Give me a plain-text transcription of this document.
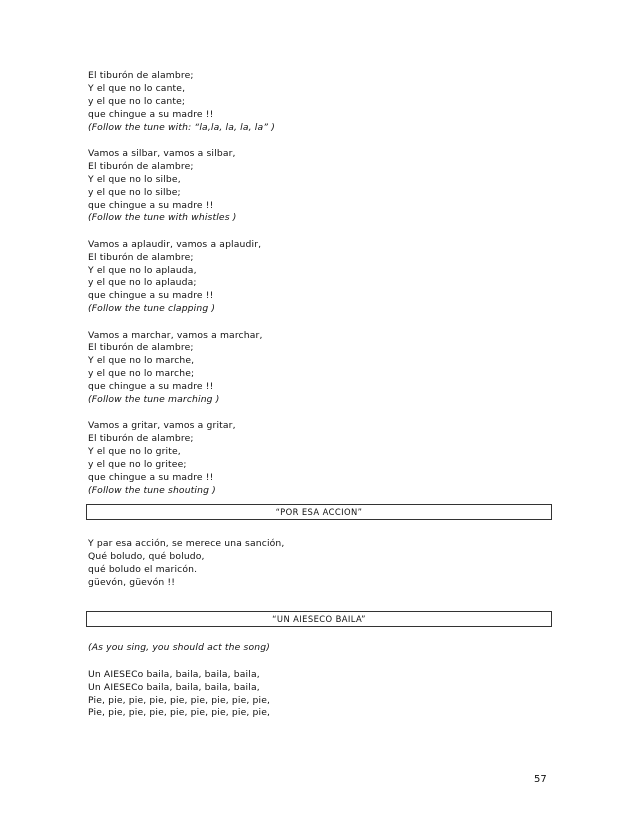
El tiburón de alambre;
Y el que no lo cante,
y el que no lo cante;
que chingue a su madre !!
(Follow the tune with: “la,la, la, la, la” )
Vamos a silbar, vamos a silbar,
El tiburón de alambre;
Y el que no lo silbe,
y el que no lo silbe;
que chingue a su madre !!
(Follow the tune with whistles )
Vamos a aplaudir, vamos a aplaudir,
El tiburón de alambre;
Y el que no lo aplauda,
y el que no lo aplauda;
que chingue a su madre !!
(Follow the tune clapping )
Vamos a marchar, vamos a marchar,
El tiburón de alambre;
Y el que no lo marche,
y el que no lo marche;
que chingue a su madre !!
(Follow the tune marching )
Vamos a gritar, vamos a gritar,
El tiburón de alambre;
Y el que no lo grite,
y el que no lo gritee;
que chingue a su madre !!
(Follow the tune shouting )
“POR ESA ACCION”
Y par esa acción, se merece una sanción,
Qué boludo, qué boludo,
qué boludo el maricón.
güevón, güevón !!
“UN AIESECO BAILA”
(As you sing, you should act the song)
Un AIESECo baila, baila, baila, baila,
Un AIESECo baila, baila, baila, baila,
Pie, pie, pie, pie, pie, pie, pie, pie, pie,
Pie, pie, pie, pie, pie, pie, pie, pie, pie,
57
